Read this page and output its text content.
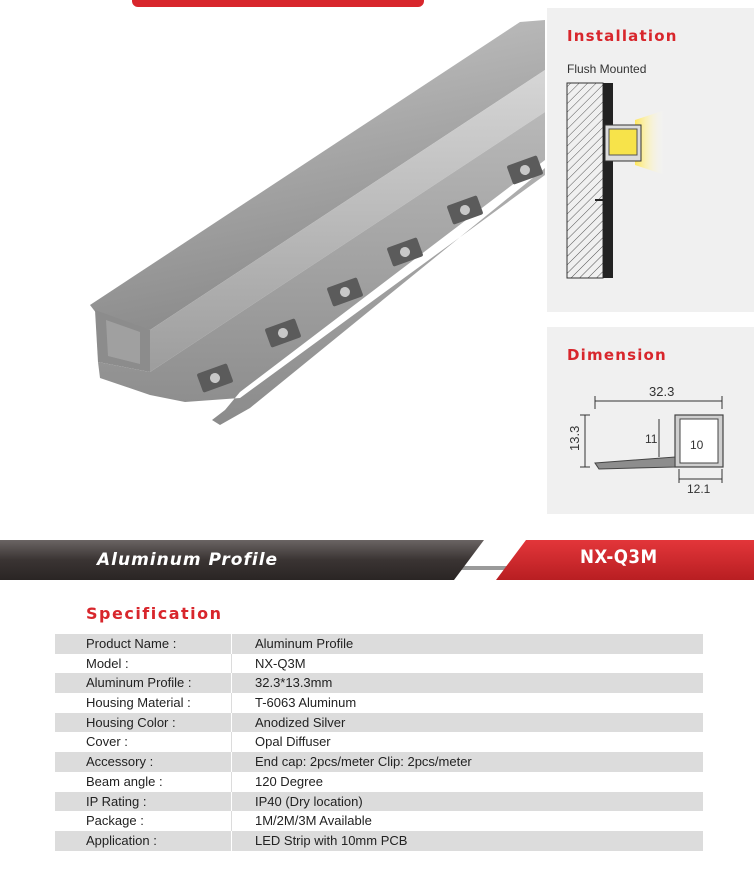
Installation
Flush Mounted
Dimension
32.3
13.3	11	10
12.1
Aluminum Profile	NX-Q3M
Specification
Product Name :	Aluminum Profile
Model :	NX-Q3M
Aluminum Profile :	32.3*13.3mm
Housing Material :	T-6063 Aluminum
Housing Color :	Anodized Silver
Cover :	Opal Diffuser
Accessory :	End cap: 2pcs/meter Clip: 2pcs/meter
Beam angle :	120 Degree
IP Rating :	IP40 (Dry location)
Package :	1M/2M/3M Available
Application :	LED Strip with 10mm PCB
